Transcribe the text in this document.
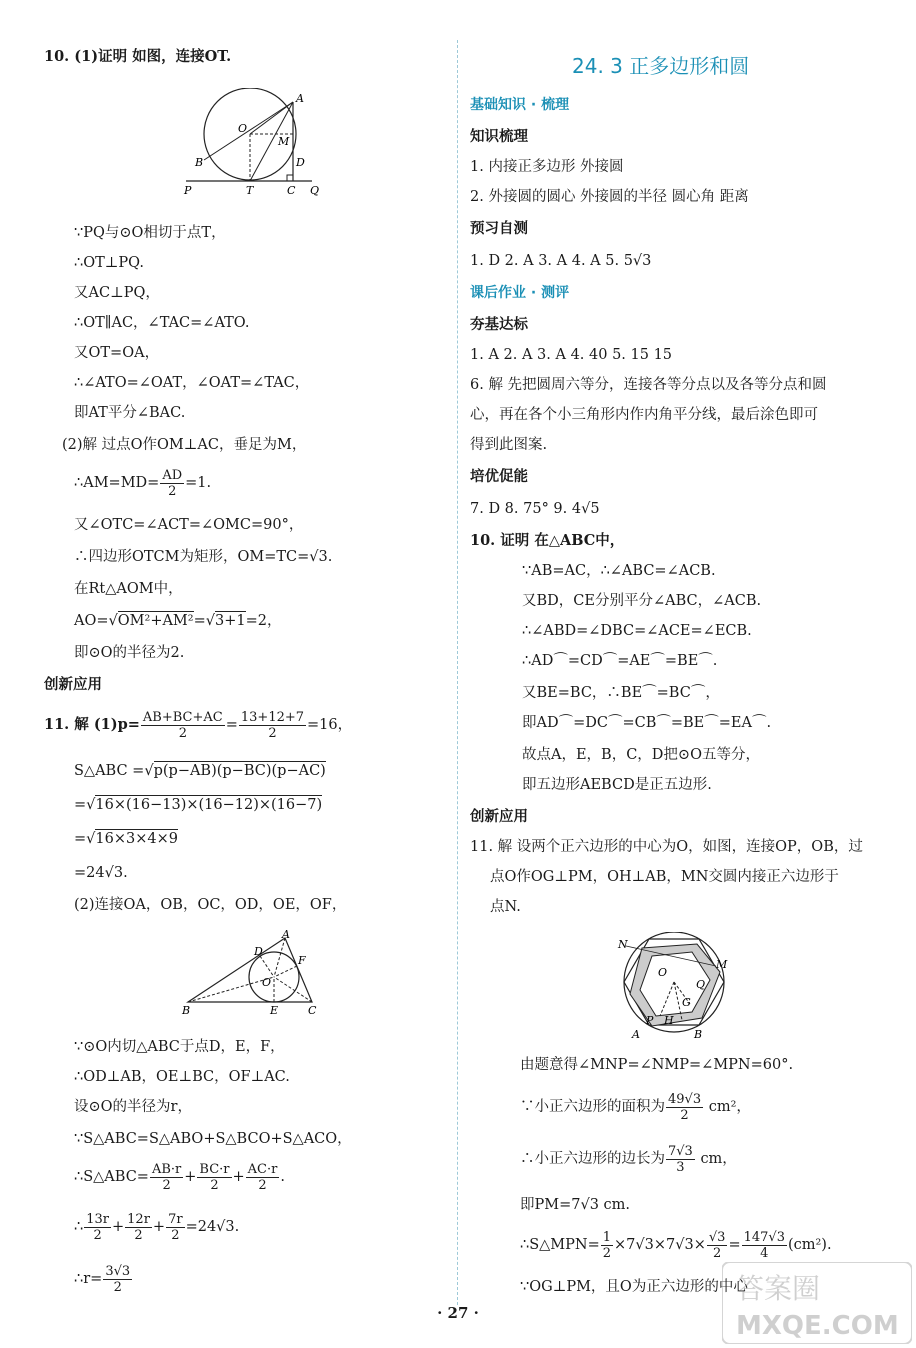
10. (1)证明 如图，连接OT.
A
O
M
B	D
P	T	C Q
∵PQ与⊙O相切于点T，
∴OT⊥PQ.
又AC⊥PQ，
∴OT∥AC，∠TAC=∠ATO.
又OT=OA，
∴∠ATO=∠OAT，∠OAT=∠TAC，
即AT平分∠BAC.
(2)解 过点O作OM⊥AC，垂足为M，
∴AM=MD= $\frac{AD}{2} =1$.
又∠OTC=∠ACT=∠OMC=90°，
∴四边形OTCM为矩形，OM=TC=√3.
在Rt△AOM中，
AO=√OM²+AM²=√3+1=2，
即⊙O的半径为2.
创新应用
11. 解 $(1)p= \frac{AB+BC+AC}{2} = \frac{13+12+7}{2} =16$，
S△ABC =√p(p−AB)(p−BC)(p−AC)
=√16×(16−13)×(16−12)×(16−7)
=√16×3×4×9
=24√3.
(2)连接OA，OB，OC，OD，OE，OF，
A
D
F
O
B	E	C
∵⊙O内切△ABC于点D，E，F，
∴OD⊥AB，OE⊥BC，OF⊥AC.
设⊙O的半径为r，
∵S△ABC=S△ABO+S△BCO+S△ACO，
∴S△ABC= $\frac{AB\cdot r}{2} + \frac{BC\cdot r}{2} + \frac{AC\cdot r}{2}$ .
∴ $\frac{13r}{2} + \frac{12r}{2} + \frac{7r}{2} =24√3$.
∴r= $\frac{3√3}{2}$
24. 3 正多边形和圆
基础知识 · 梳理
知识梳理
1. 内接正多边形 外接圆
2. 外接圆的圆心 外接圆的半径 圆心角 距离
预习自测
1. D 2. A 3. A 4. A 5. 5√3
课后作业 · 测评
夯基达标
1. A 2. A 3. A 4. 40 5. 15 15
6. 解 先把圆周六等分，连接各等分点以及各等分点和圆
心，再在各个小三角形内作内角平分线，最后涂色即可
得到此图案.
培优促能
7. D 8. 75° 9. 4√5
10. 证明 在△ABC中，
∵AB=AC，∴∠ABC=∠ACB.
又BD，CE分别平分∠ABC，∠ACB.
∴∠ABD=∠DBC=∠ACE=∠ECB.
∴AD⌒=CD⌒=AE⌒=BE⌒.
又BE=BC，∴BE⌒=BC⌒，
即AD⌒=DC⌒=CB⌒=BE⌒=EA⌒.
故点A，E，B，C，D把⊙O五等分，
即五边形AEBCD是正五边形.
创新应用
11. 解 设两个正六边形的中心为O，如图，连接OP，OB，过
点O作OG⊥PM，OH⊥AB，MN交圆内接正六边形于
点N.
N
M
O
Q
G
P H
A	B
由题意得∠MNP=∠NMP=∠MPN=60°.
∵小正六边形的面积为 $\frac{49√3}{2} cm^2$，
∴小正六边形的边长为 $\frac{7√3}{3}$ cm，
即PM=7√3 cm.
∴S△MPN= $\frac{1}{2} \times 7√3\times 7√3\times \frac{√3}{2} = \frac{147√3}{4} (cm^2)$.
∵OG⊥PM，且O为正六边形的中心
· 27 ·
答案圈
MXQE.COM
